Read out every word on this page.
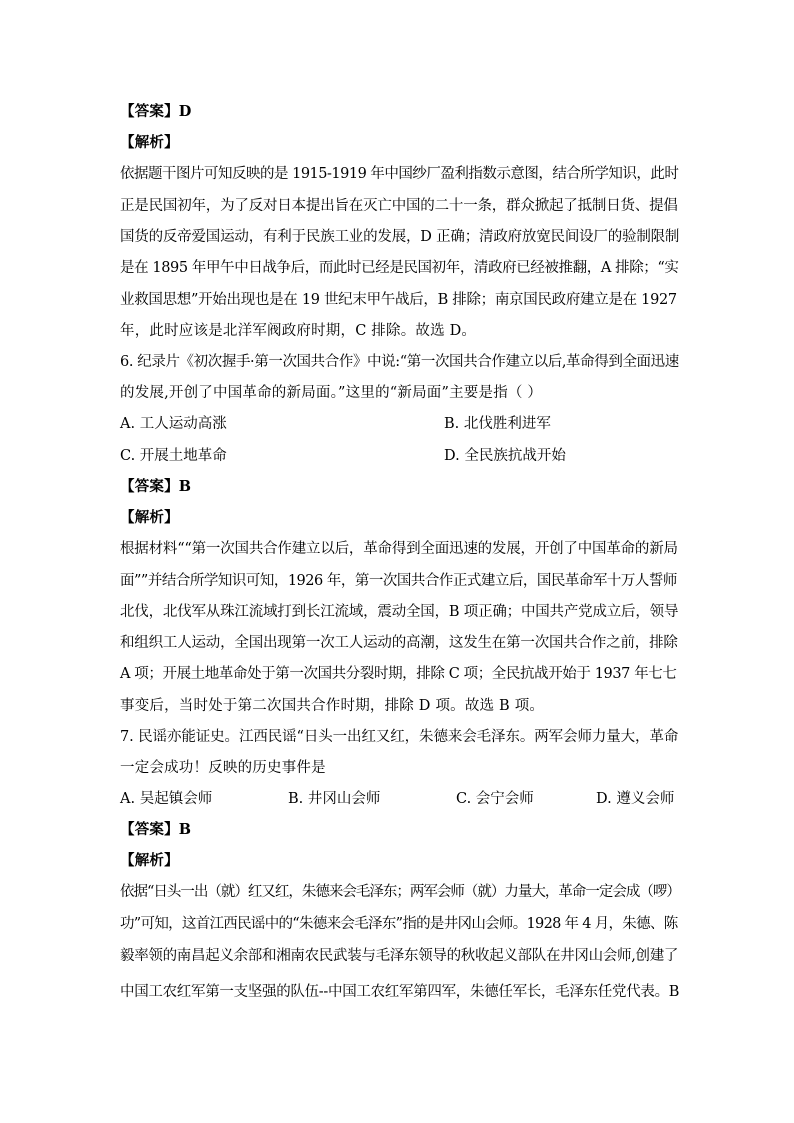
【答案】D
【解析】
依据题干图片可知反映的是 1915-1919 年中国纱厂盈利指数示意图，结合所学知识，此时
正是民国初年，为了反对日本提出旨在灭亡中国的二十一条，群众掀起了抵制日货、提倡
国货的反帝爱国运动，有利于民族工业的发展，D 正确；清政府放宽民间设厂的验制限制
是在 1895 年甲午中日战争后，而此时已经是民国初年，清政府已经被推翻，A 排除；“实
业救国思想”开始出现也是在 19 世纪末甲午战后，B 排除；南京国民政府建立是在 1927
年，此时应该是北洋军阀政府时期，C 排除。故选 D。
6. 纪录片《初次握手·第一次国共合作》中说:“第一次国共合作建立以后,革命得到全面迅速
的发展,开创了中国革命的新局面。”这里的“新局面”主要是指（ ）
A. 工人运动高涨	B. 北伐胜利进军
C. 开展土地革命	D. 全民族抗战开始
【答案】B
【解析】
根据材料““第一次国共合作建立以后，革命得到全面迅速的发展，开创了中国革命的新局
面””并结合所学知识可知，1926 年，第一次国共合作正式建立后，国民革命军十万人誓师
北伐，北伐军从珠江流域打到长江流域，震动全国，B 项正确；中国共产党成立后，领导
和组织工人运动，全国出现第一次工人运动的高潮，这发生在第一次国共合作之前，排除
A 项；开展土地革命处于第一次国共分裂时期，排除 C 项；全民抗战开始于 1937 年七七
事变后，当时处于第二次国共合作时期，排除 D 项。故选 B 项。
7. 民谣亦能证史。江西民谣“日头一出红又红，朱德来会毛泽东。两军会师力量大，革命
一定会成功！反映的历史事件是
A. 吴起镇会师	B. 井冈山会师	C. 会宁会师	D. 遵义会师
【答案】B
【解析】
依据“日头一出（就）红又红，朱德来会毛泽东；两军会师（就）力量大，革命一定会成（啰）
功”可知，这首江西民谣中的“朱德来会毛泽东”指的是井冈山会师。1928 年 4 月，朱德、陈
毅率领的南昌起义余部和湘南农民武装与毛泽东领导的秋收起义部队在井冈山会师,创建了
中国工农红军第一支坚强的队伍--中国工农红军第四军，朱德任军长，毛泽东任党代表。B
